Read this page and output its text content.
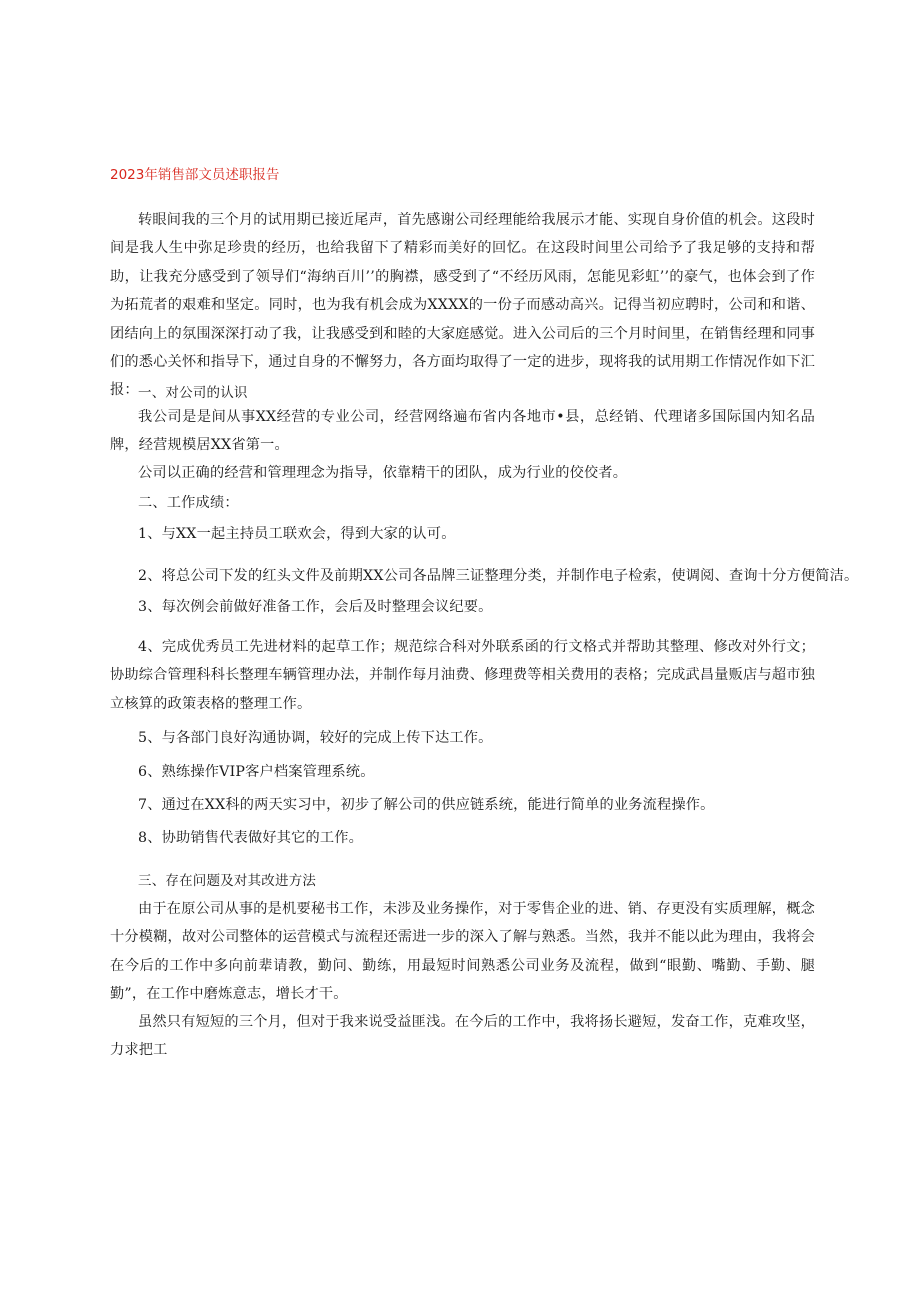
2023年销售部文员述职报告
转眼间我的三个月的试用期已接近尾声，首先感谢公司经理能给我展示才能、实现自身价值的机会。这段时间是我人生中弥足珍贵的经历，也给我留下了精彩而美好的回忆。在这段时间里公司给予了我足够的支持和帮助，让我充分感受到了领导们“海纳百川’’的胸襟，感受到了“不经历风雨，怎能见彩虹’’的豪气，也体会到了作为拓荒者的艰难和坚定。同时，也为我有机会成为XXXX的一份子而感动高兴。记得当初应聘时，公司和和谐、团结向上的氛围深深打动了我，让我感受到和睦的大家庭感觉。进入公司后的三个月时间里，在销售经理和同事们的悉心关怀和指导下，通过自身的不懈努力，各方面均取得了一定的进步，现将我的试用期工作情况作如下汇报： 一、对公司的认识
我公司是是间从事XX经营的专业公司，经营网络遍布省内各地市•县，总经销、代理诸多国际国内知名品牌，经营规模居XX省第一。
公司以正确的经营和管理理念为指导，依靠精干的团队，成为行业的佼佼者。
二、工作成绩：
1、与XX一起主持员工联欢会，得到大家的认可。
2、将总公司下发的红头文件及前期XX公司各品牌三证整理分类，并制作电子检索，使调阅、查询十分方便简洁。
3、每次例会前做好准备工作，会后及时整理会议纪要。
4、完成优秀员工先进材料的起草工作；规范综合科对外联系函的行文格式并帮助其整理、修改对外行文；协助综合管理科科长整理车辆管理办法，并制作每月油费、修理费等相关费用的表格；完成武昌量贩店与超市独立核算的政策表格的整理工作。
5、与各部门良好沟通协调，较好的完成上传下达工作。
6、熟练操作VIP客户档案管理系统。
7、通过在XX科的两天实习中，初步了解公司的供应链系统，能进行简单的业务流程操作。
8、协助销售代表做好其它的工作。
三、存在问题及对其改进方法
由于在原公司从事的是机要秘书工作，未涉及业务操作，对于零售企业的进、销、存更没有实质理解，概念十分模糊，故对公司整体的运营模式与流程还需进一步的深入了解与熟悉。当然，我并不能以此为理由，我将会在今后的工作中多向前辈请教，勤问、勤练，用最短时间熟悉公司业务及流程，做到“眼勤、嘴勤、手勤、腿勤”，在工作中磨炼意志，增长才干。
虽然只有短短的三个月，但对于我来说受益匪浅。在今后的工作中，我将扬长避短，发奋工作，克难攻坚，力求把工
